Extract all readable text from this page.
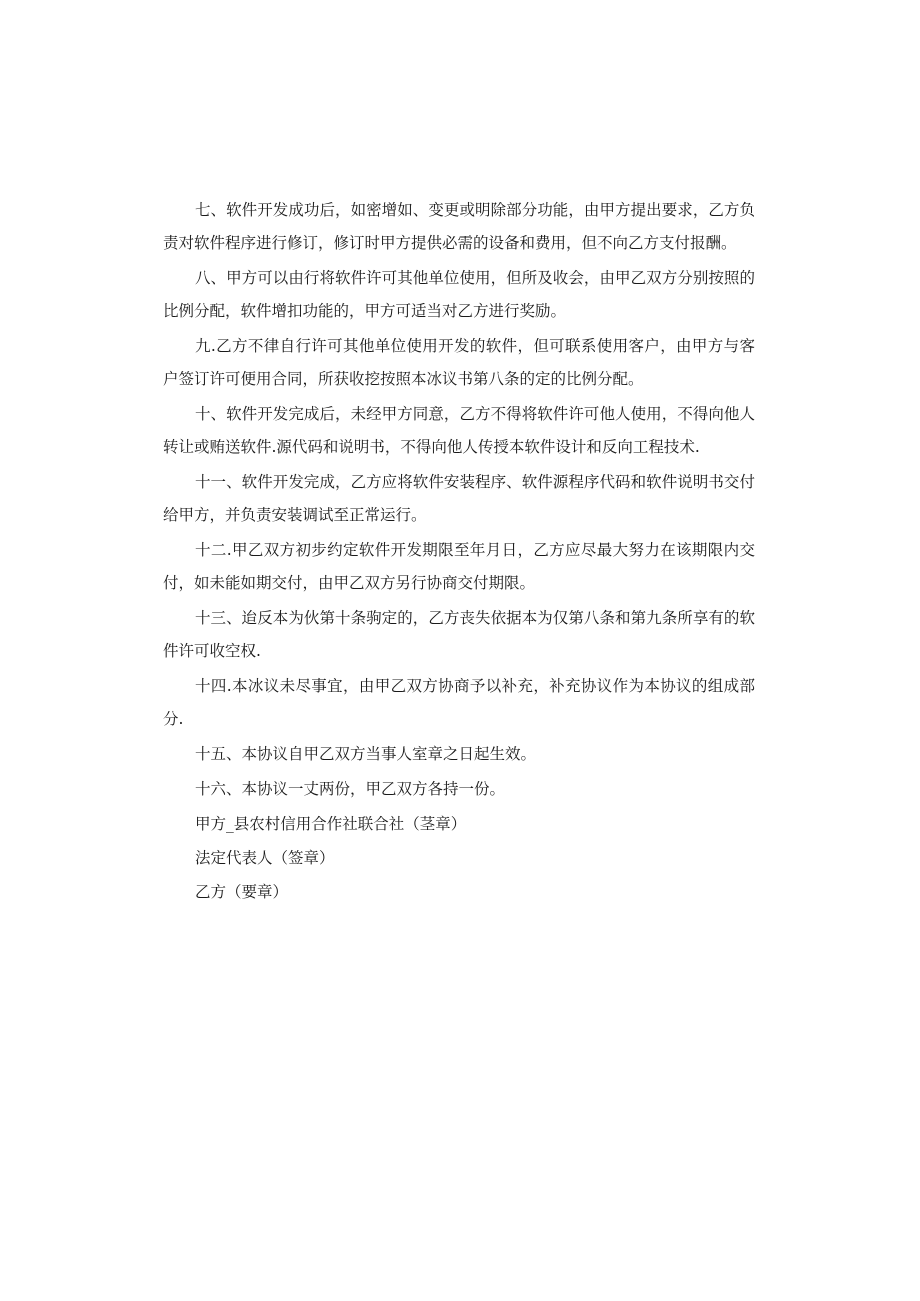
七、软件开发成功后，如密增如、变更或明除部分功能，由甲方提出要求，乙方负责对软件程序进行修订，修订时甲方提供必需的设备和费用，但不向乙方支付报酬。

八、甲方可以由行将软件许可其他单位使用，但所及收会，由甲乙双方分别按照的比例分配，软件增扣功能的，甲方可适当对乙方进行奖励。

九.乙方不律自行许可其他单位使用开发的软件，但可联系使用客户，由甲方与客户签订许可便用合同，所获收挖按照本冰议书第八条的定的比例分配。

十、软件开发完成后，未经甲方同意，乙方不得将软件许可他人使用，不得向他人转让或贿送软件.源代码和说明书，不得向他人传授本软件设计和反向工程技术.

十一、软件开发完成，乙方应将软件安装程序、软件源程序代码和软件说明书交付给甲方，并负责安装调试至正常运行。

十二.甲乙双方初步约定软件开发期限至年月日，乙方应尽最大努力在该期限内交付，如未能如期交付，由甲乙双方另行协商交付期限。

十三、迨反本为伙第十条驹定的，乙方丧失依据本为仅第八条和第九条所享有的软件许可收空权.

十四.本冰议未尽事宜，由甲乙双方协商予以补充，补充协议作为本协议的组成部分.

十五、本协议自甲乙双方当事人室章之日起生效。

十六、本协议一丈两份，甲乙双方各持一份。

甲方_县农村信用合作社联合社（茎章）
法定代表人（签章）
乙方（要章）
